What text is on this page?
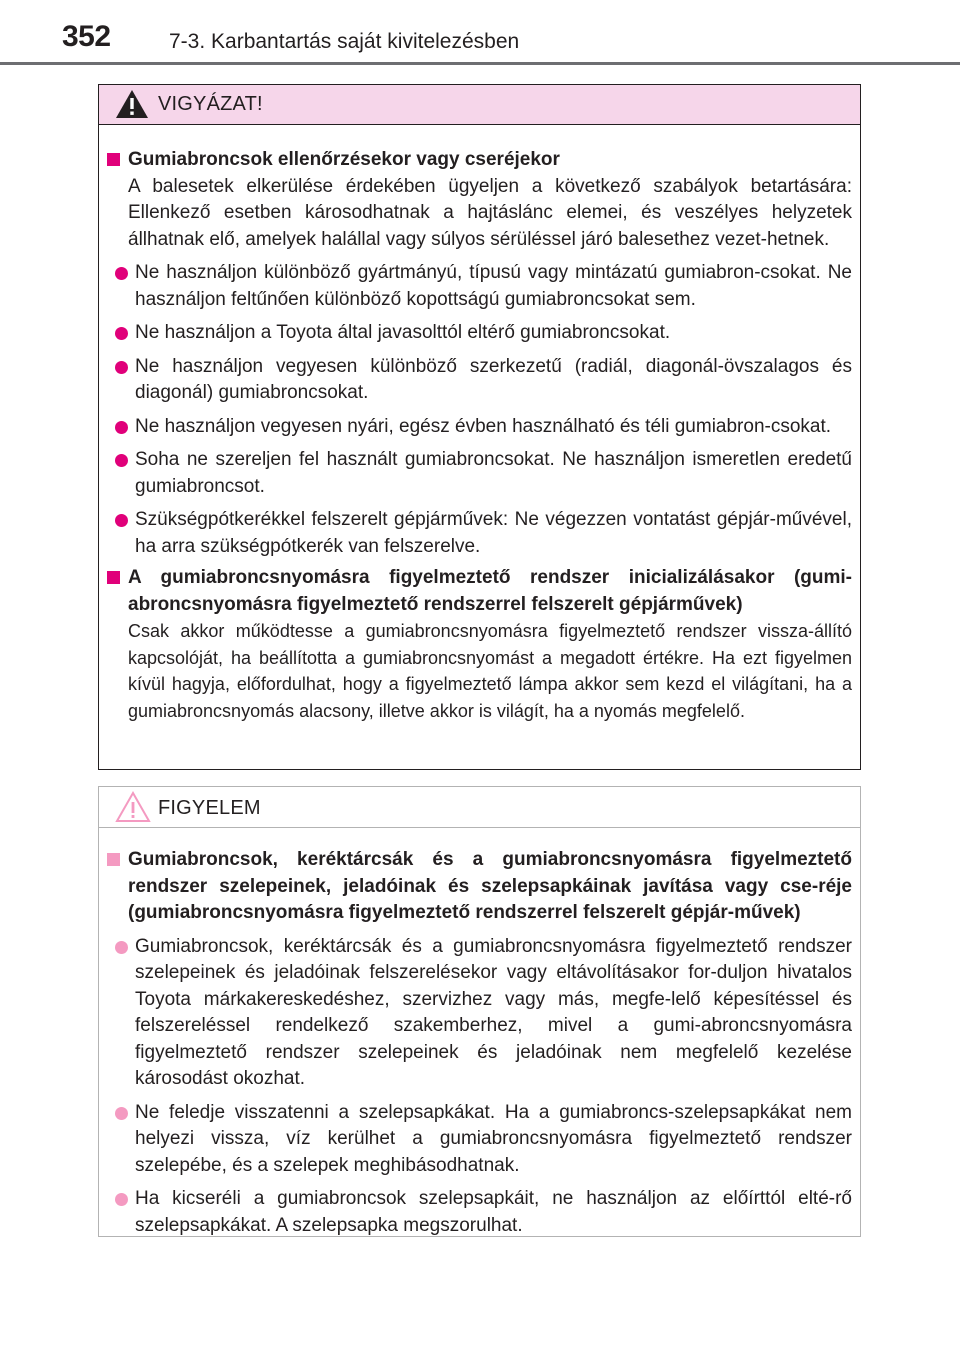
352	7-3. Karbantartás saját kivitelezésben
VIGYÁZAT!
Gumiabroncsok ellenőrzésekor vagy cseréjekor
A balesetek elkerülése érdekében ügyeljen a következő szabályok betartására: Ellenkező esetben károsodhatnak a hajtáslánc elemei, és veszélyes helyzetek állhatnak elő, amelyek halállal vagy súlyos sérüléssel járó balesethez vezet-hetnek.
Ne használjon különböző gyártmányú, típusú vagy mintázatú gumiabron-csokat. Ne használjon feltűnően különböző kopottságú gumiabroncsokat sem.
Ne használjon a Toyota által javasolttól eltérő gumiabroncsokat.
Ne használjon vegyesen különböző szerkezetű (radiál, diagonál-övszalagos és diagonál) gumiabroncsokat.
Ne használjon vegyesen nyári, egész évben használható és téli gumiabron-csokat.
Soha ne szereljen fel használt gumiabroncsokat. Ne használjon ismeretlen eredetű gumiabroncsot.
Szükségpótkerékkel felszerelt gépjárművek: Ne végezzen vontatást gépjár-művével, ha arra szükségpótkerék van felszerelve.
A gumiabroncsnyomásra figyelmeztető rendszer inicializálásakor (gumi-abroncsnyomásra figyelmeztető rendszerrel felszerelt gépjárművek)
Csak akkor működtesse a gumiabroncsnyomásra figyelmeztető rendszer vissza-állító kapcsolóját, ha beállította a gumiabroncsnyomást a megadott értékre. Ha ezt figyelmen kívül hagyja, előfordulhat, hogy a figyelmeztető lámpa akkor sem kezd el világítani, ha a gumiabroncsnyomás alacsony, illetve akkor is világít, ha a nyomás megfelelő.
FIGYELEM
Gumiabroncsok, keréktárcsák és a gumiabroncsnyomásra figyelmeztető rendszer szelepeinek, jeladóinak és szelepsapkáinak javítása vagy cse-réje (gumiabroncsnyomásra figyelmeztető rendszerrel felszerelt gépjár-művek)
Gumiabroncsok, keréktárcsák és a gumiabroncsnyomásra figyelmeztető rendszer szelepeinek és jeladóinak felszerelésekor vagy eltávolításakor for-duljon hivatalos Toyota márkakereskedéshez, szervizhez vagy más, megfe-lelő képesítéssel és felszereléssel rendelkező szakemberhez, mivel a gumi-abroncsnyomásra figyelmeztető rendszer szelepeinek és jeladóinak nem megfelelő kezelése károsodást okozhat.
Ne feledje visszatenni a szelepsapkákat. Ha a gumiabroncs-szelepsapkákat nem helyezi vissza, víz kerülhet a gumiabroncsnyomásra figyelmeztető rendszer szelepébe, és a szelepek meghibásodhatnak.
Ha kicseréli a gumiabroncsok szelepsapkáit, ne használjon az előírttól elté-rő szelepsapkákat. A szelepsapka megszorulhat.
